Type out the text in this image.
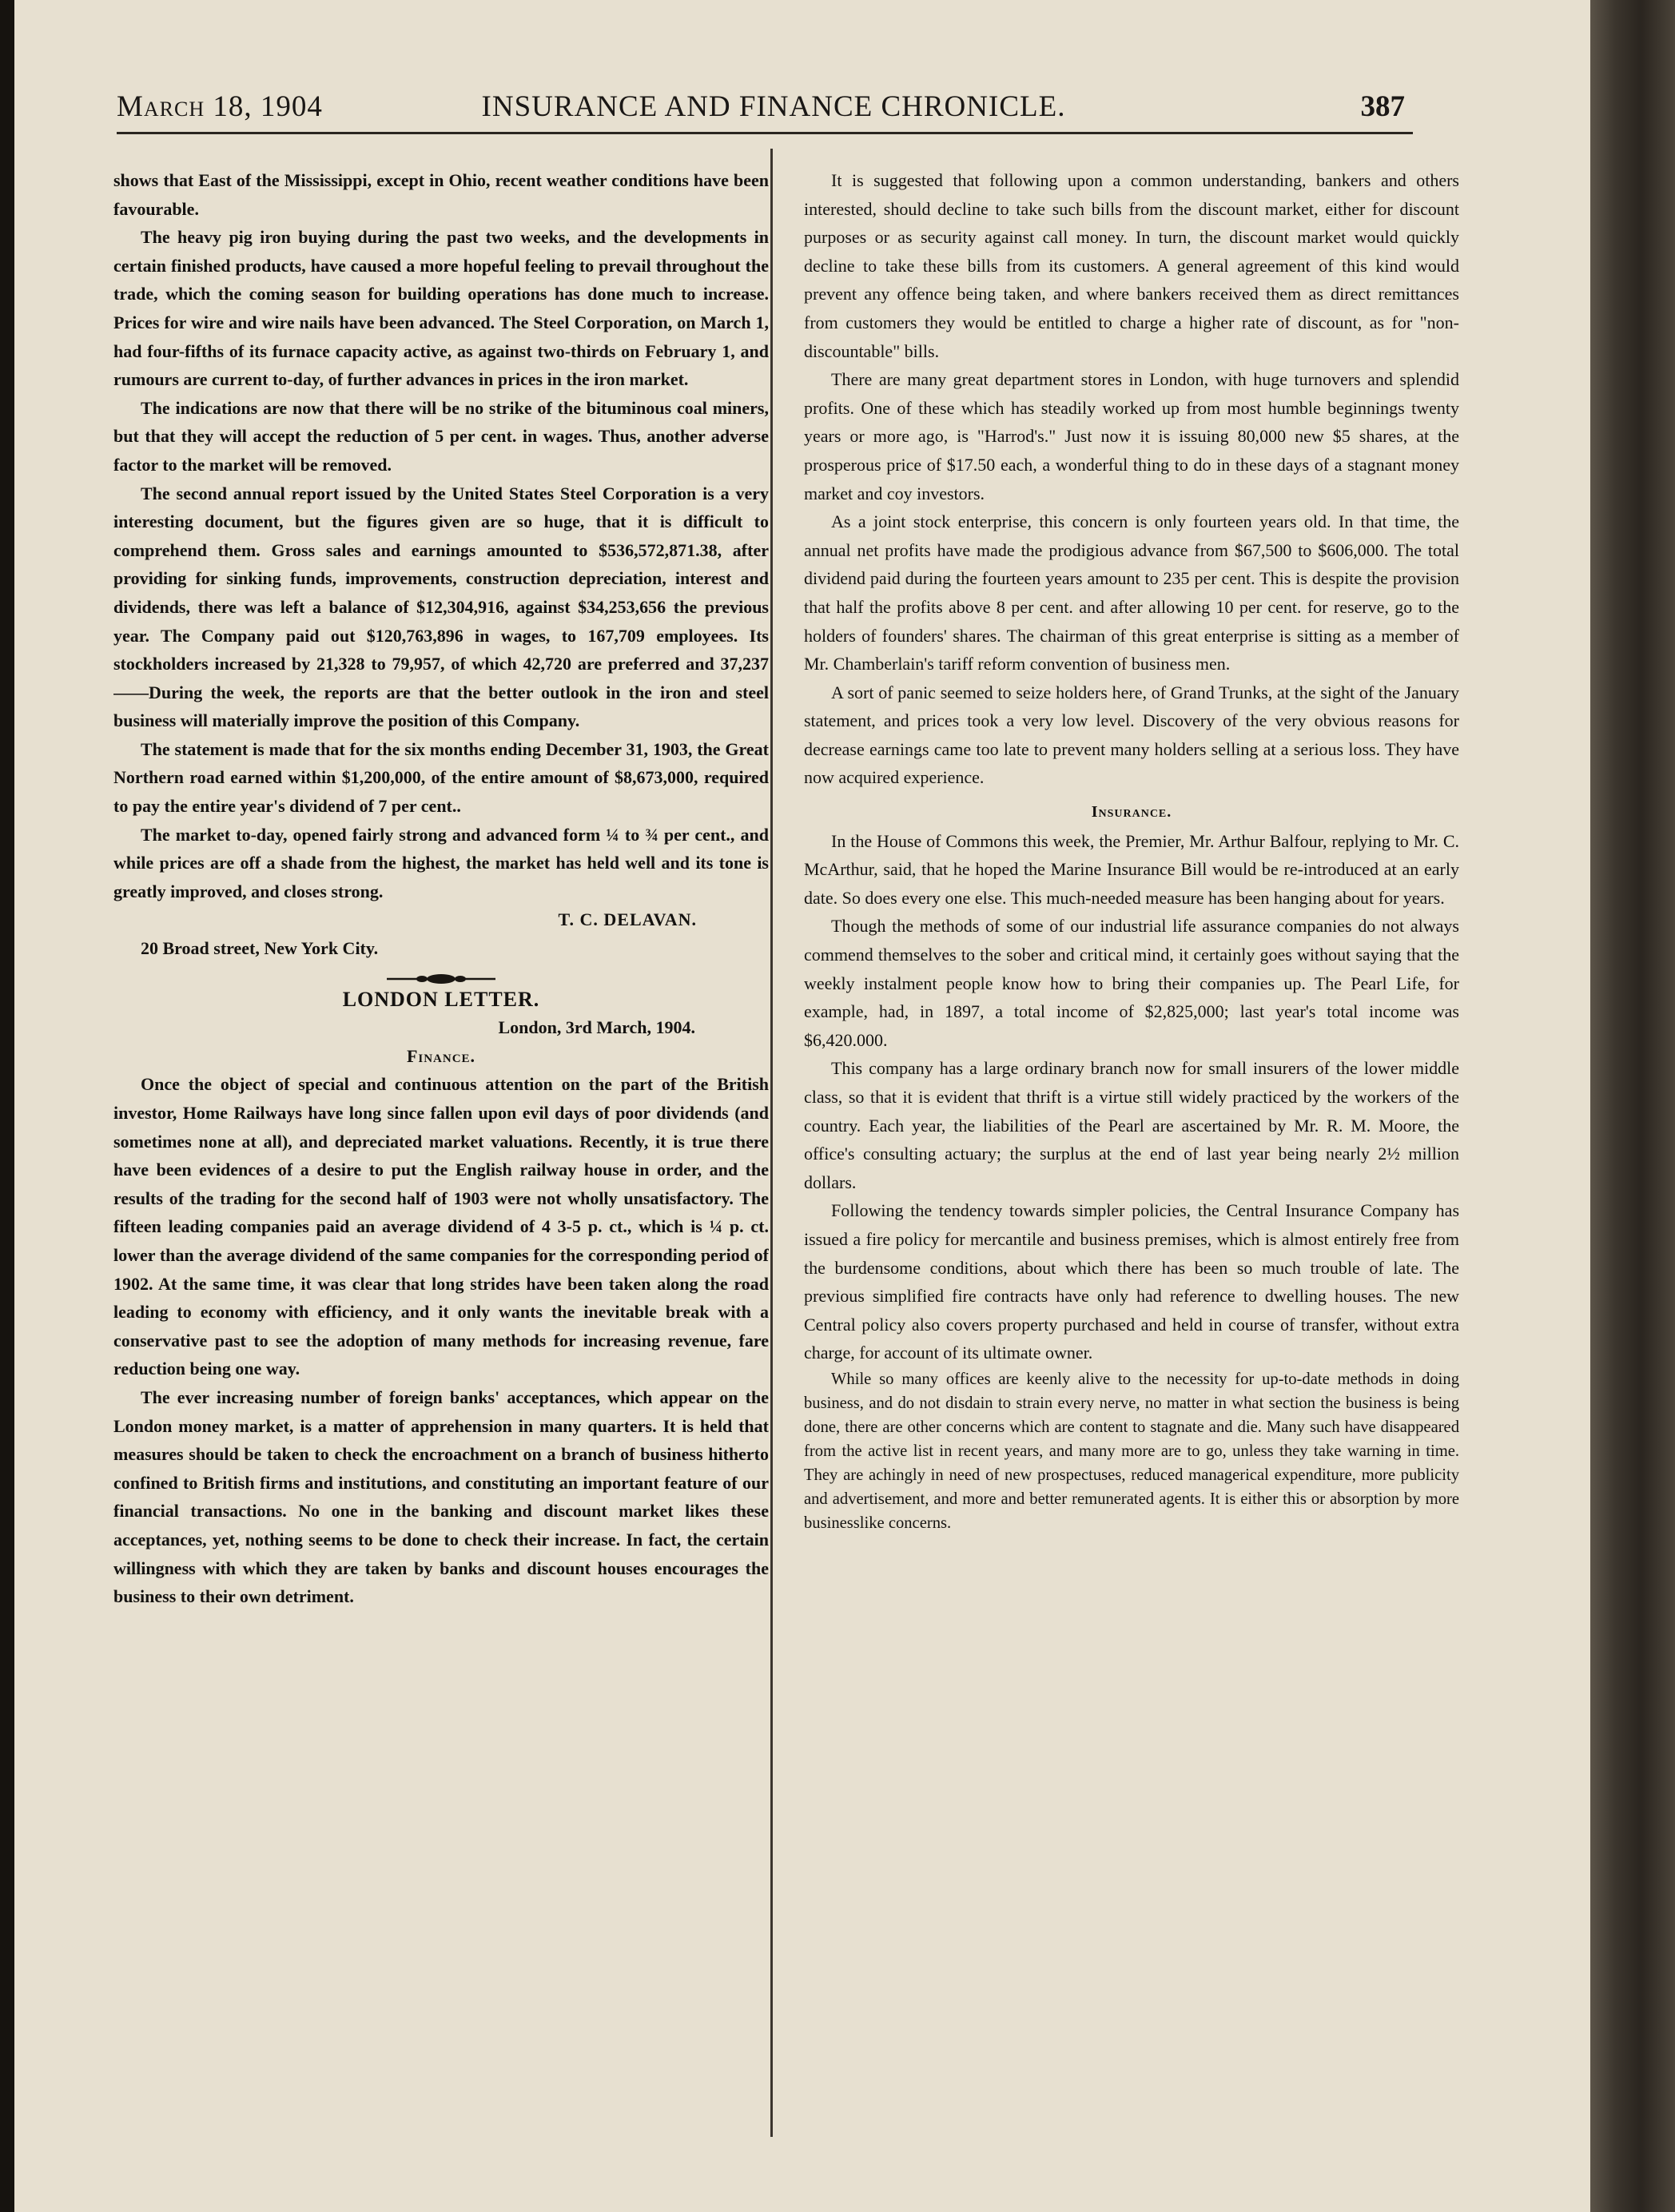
March 18, 1904	INSURANCE AND FINANCE CHRONICLE.	387

shows that East of the Mississippi, except in Ohio, recent weather conditions have been favourable.

The heavy pig iron buying during the past two weeks, and the developments in certain finished products, have caused a more hopeful feeling to prevail throughout the trade, which the coming season for building operations has done much to increase. Prices for wire and wire nails have been advanced. The Steel Corporation, on March 1, had four-fifths of its furnace capacity active, as against two-thirds on February 1, and rumours are current to-day, of further advances in prices in the iron market.

The indications are now that there will be no strike of the bituminous coal miners, but that they will accept the reduction of 5 per cent. in wages. Thus, another adverse factor to the market will be removed.

The second annual report issued by the United States Steel Corporation is a very interesting document, but the figures given are so huge, that it is difficult to comprehend them. Gross sales and earnings amounted to $536,572,871.38, after providing for sinking funds, improvements, construction depreciation, interest and dividends, there was left a balance of $12,304,916, against $34,253,656 the previous year. The Company paid out $120,763,896 in wages, to 167,709 employees. Its stockholders increased by 21,328 to 79,957, of which 42,720 are preferred and 37,237 ——During the week, the reports are that the better outlook in the iron and steel business will materially improve the position of this Company.

The statement is made that for the six months ending December 31, 1903, the Great Northern road earned within $1,200,000, of the entire amount of $8,673,000, required to pay the entire year's dividend of 7 per cent..

The market to-day, opened fairly strong and advanced form ¼ to ¾ per cent., and while prices are off a shade from the highest, the market has held well and its tone is greatly improved, and closes strong.

T. C. DELAVAN.
20 Broad street, New York City.
LONDON LETTER.
London, 3rd March, 1904.
Finance.

Once the object of special and continuous attention on the part of the British investor, Home Railways have long since fallen upon evil days of poor dividends (and sometimes none at all), and depreciated market valuations. Recently, it is true there have been evidences of a desire to put the English railway house in order, and the results of the trading for the second half of 1903 were not wholly unsatisfactory. The fifteen leading companies paid an average dividend of 4 3-5 p. ct., which is ¼ p. ct. lower than the average dividend of the same companies for the corresponding period of 1902. At the same time, it was clear that long strides have been taken along the road leading to economy with efficiency, and it only wants the inevitable break with a conservative past to see the adoption of many methods for increasing revenue, fare reduction being one way.

The ever increasing number of foreign banks' acceptances, which appear on the London money market, is a matter of apprehension in many quarters. It is held that measures should be taken to check the encroachment on a branch of business hitherto confined to British firms and institutions, and constituting an important feature of our financial transactions. No one in the banking and discount market likes these acceptances, yet, nothing seems to be done to check their increase. In fact, the certain willingness with which they are taken by banks and discount houses encourages the business to their own detriment.

It is suggested that following upon a common understanding, bankers and others interested, should decline to take such bills from the discount market, either for discount purposes or as security against call money. In turn, the discount market would quickly decline to take these bills from its customers. A general agreement of this kind would prevent any offence being taken, and where bankers received them as direct remittances from customers they would be entitled to charge a higher rate of discount, as for "non-discountable" bills.

There are many great department stores in London, with huge turnovers and splendid profits. One of these which has steadily worked up from most humble beginnings twenty years or more ago, is "Harrod's." Just now it is issuing 80,000 new $5 shares, at the prosperous price of $17.50 each, a wonderful thing to do in these days of a stagnant money market and coy investors.

As a joint stock enterprise, this concern is only fourteen years old. In that time, the annual net profits have made the prodigious advance from $67,500 to $606,000. The total dividend paid during the fourteen years amount to 235 per cent. This is despite the provision that half the profits above 8 per cent. and after allowing 10 per cent. for reserve, go to the holders of founders' shares. The chairman of this great enterprise is sitting as a member of Mr. Chamberlain's tariff reform convention of business men.

A sort of panic seemed to seize holders here, of Grand Trunks, at the sight of the January statement, and prices took a very low level. Discovery of the very obvious reasons for decrease earnings came too late to prevent many holders selling at a serious loss. They have now acquired experience.

Insurance.

In the House of Commons this week, the Premier, Mr. Arthur Balfour, replying to Mr. C. McArthur, said, that he hoped the Marine Insurance Bill would be re-introduced at an early date. So does every one else. This much-needed measure has been hanging about for years.

Though the methods of some of our industrial life assurance companies do not always commend themselves to the sober and critical mind, it certainly goes without saying that the weekly instalment people know how to bring their companies up. The Pearl Life, for example, had, in 1897, a total income of $2,825,000; last year's total income was $6,420.000.

This company has a large ordinary branch now for small insurers of the lower middle class, so that it is evident that thrift is a virtue still widely practiced by the workers of the country. Each year, the liabilities of the Pearl are ascertained by Mr. R. M. Moore, the office's consulting actuary; the surplus at the end of last year being nearly 2½ million dollars.

Following the tendency towards simpler policies, the Central Insurance Company has issued a fire policy for mercantile and business premises, which is almost entirely free from the burdensome conditions, about which there has been so much trouble of late. The previous simplified fire contracts have only had reference to dwelling houses. The new Central policy also covers property purchased and held in course of transfer, without extra charge, for account of its ultimate owner.

While so many offices are keenly alive to the necessity for up-to-date methods in doing business, and do not disdain to strain every nerve, no matter in what section the business is being done, there are other concerns which are content to stagnate and die. Many such have disappeared from the active list in recent years, and many more are to go, unless they take warning in time. They are achingly in need of new prospectuses, reduced managerical expenditure, more publicity and advertisement, and more and better remunerated agents. It is either this or absorption by more businesslike concerns.
